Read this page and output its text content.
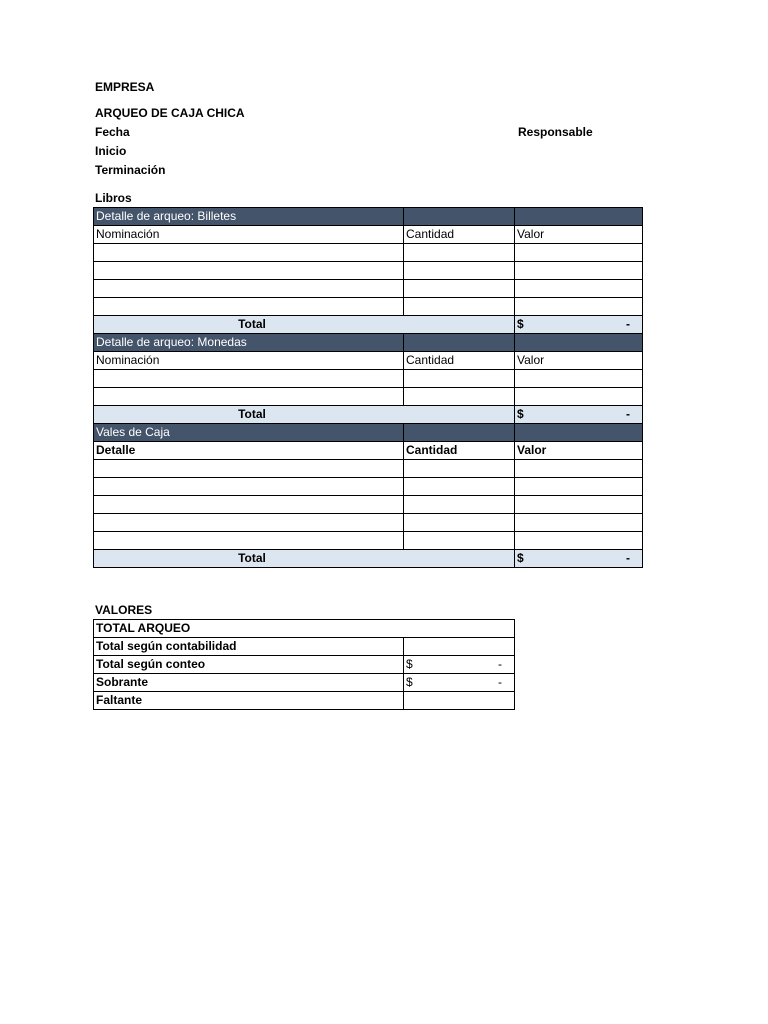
EMPRESA
ARQUEO DE CAJA CHICA
Fecha	Responsable
Inicio
Terminación
Libros
Detalle de arqueo: Billetes		
Nominación	Cantidad	Valor

Total		$ -

Detalle de arqueo: Monedas		
Nominación	Cantidad	Valor

Total		$ -

Vales de Caja		
Detalle	Cantidad	Valor

Total		$ -
VALORES
TOTAL ARQUEO	
Total según contabilidad	
Total según conteo	$ -

Sobrante	$ -

Faltante	
